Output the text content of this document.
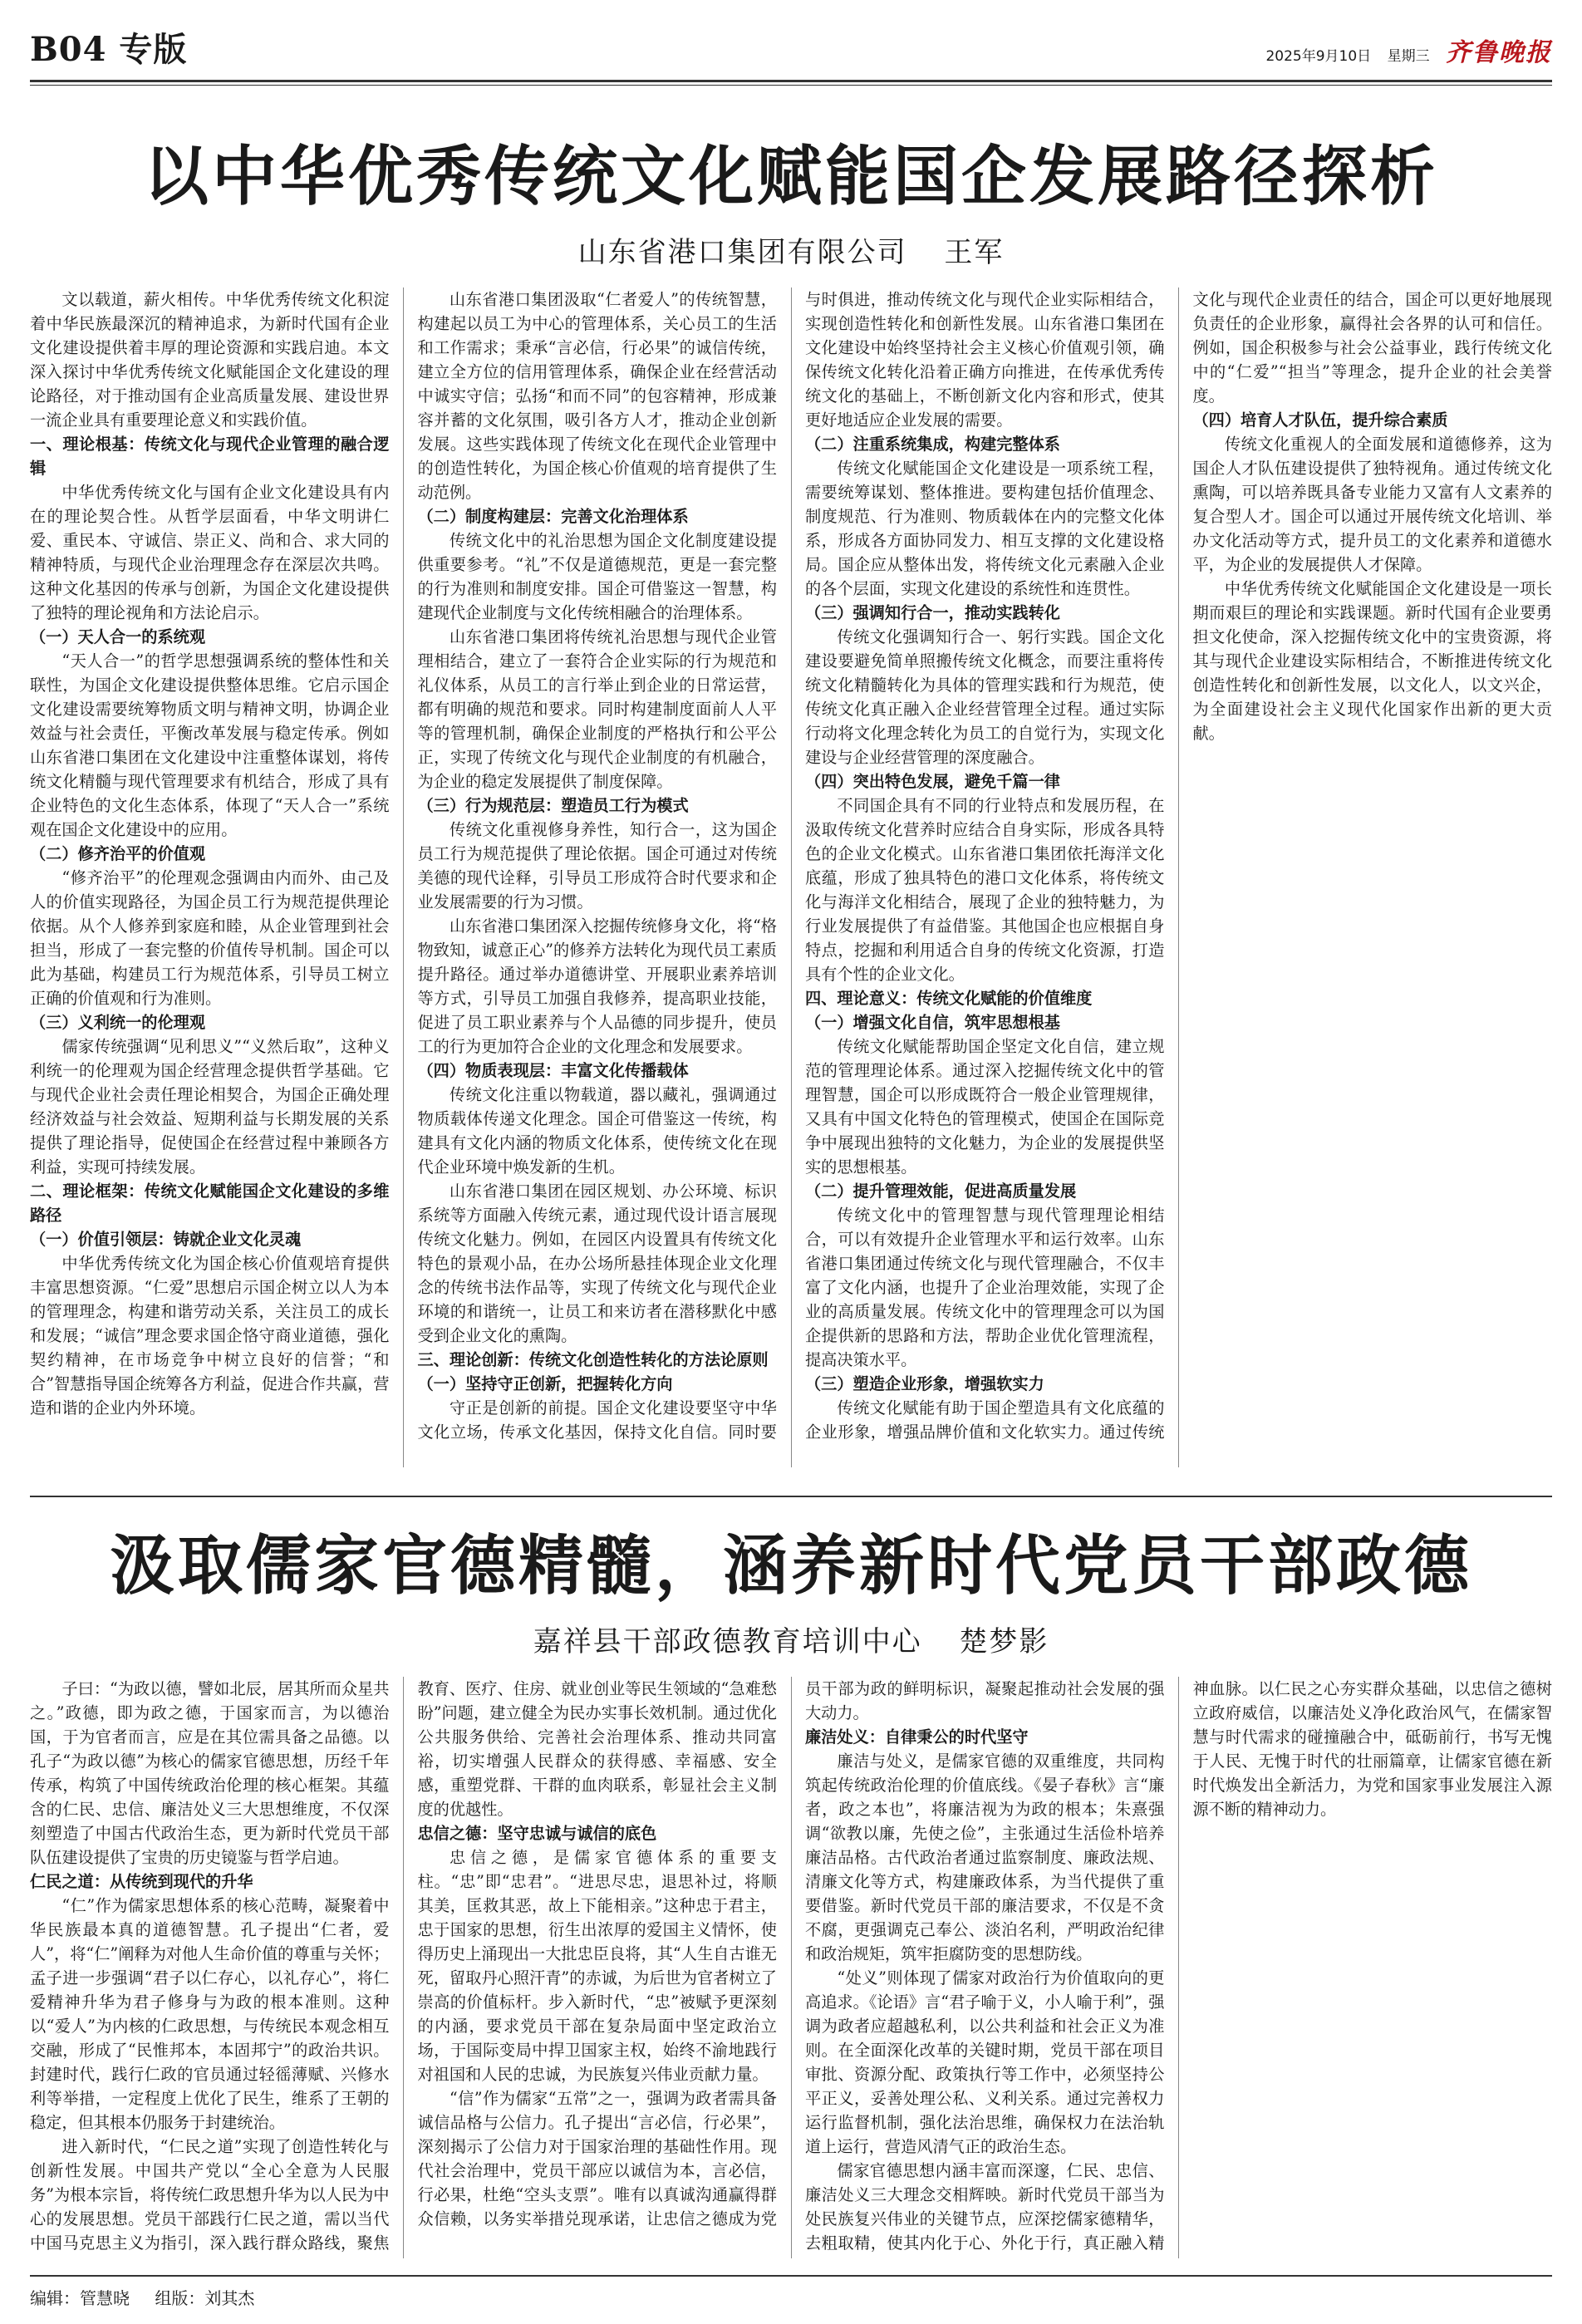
B04 专版	2025年9月10日 星期三 齐鲁晚报
以中华优秀传统文化赋能国企发展路径探析
山东省港口集团有限公司 王军

文以载道，薪火相传。中华优秀传统文化积淀着中华民族最深沉的精神追求，为新时代国有企业文化建设提供着丰厚的理论资源和实践启迪。本文深入探讨中华优秀传统文化赋能国企文化建设的理论路径，对于推动国有企业高质量发展、建设世界一流企业具有重要理论意义和实践价值。

一、理论根基：传统文化与现代企业管理的融合逻辑

中华优秀传统文化与国有企业文化建设具有内在的理论契合性。从哲学层面看，中华文明讲仁爱、重民本、守诚信、崇正义、尚和合、求大同的精神特质，与现代企业治理理念存在深层次共鸣。这种文化基因的传承与创新，为国企文化建设提供了独特的理论视角和方法论启示。

（一）天人合一的系统观

“天人合一”的哲学思想强调系统的整体性和关联性，为国企文化建设提供整体思维。它启示国企文化建设需要统筹物质文明与精神文明，协调企业效益与社会责任，平衡改革发展与稳定传承。例如山东省港口集团在文化建设中注重整体谋划，将传统文化精髓与现代管理要求有机结合，形成了具有企业特色的文化生态体系，体现了“天人合一”系统观在国企文化建设中的应用。

（二）修齐治平的价值观

“修齐治平”的伦理观念强调由内而外、由己及人的价值实现路径，为国企员工行为规范提供理论依据。从个人修养到家庭和睦，从企业管理到社会担当，形成了一套完整的价值传导机制。国企可以此为基础，构建员工行为规范体系，引导员工树立正确的价值观和行为准则。

（三）义利统一的伦理观

儒家传统强调“见利思义”“义然后取”，这种义利统一的伦理观为国企经营理念提供哲学基础。它与现代企业社会责任理论相契合，为国企正确处理经济效益与社会效益、短期利益与长期发展的关系提供了理论指导，促使国企在经营过程中兼顾各方利益，实现可持续发展。

二、理论框架：传统文化赋能国企文化建设的多维路径
（一）价值引领层：铸就企业文化灵魂

中华优秀传统文化为国企核心价值观培育提供丰富思想资源。“仁爱”思想启示国企树立以人为本的管理理念，构建和谐劳动关系，关注员工的成长和发展；“诚信”理念要求国企恪守商业道德，强化契约精神，在市场竞争中树立良好的信誉；“和合”智慧指导国企统筹各方利益，促进合作共赢，营造和谐的企业内外环境。

山东省港口集团汲取“仁者爱人”的传统智慧，构建起以员工为中心的管理体系，关心员工的生活和工作需求；秉承“言必信，行必果”的诚信传统，建立全方位的信用管理体系，确保企业在经营活动中诚实守信；弘扬“和而不同”的包容精神，形成兼容并蓄的文化氛围，吸引各方人才，推动企业创新发展。这些实践体现了传统文化在现代企业管理中的创造性转化，为国企核心价值观的培育提供了生动范例。

（二）制度构建层：完善文化治理体系

传统文化中的礼治思想为国企文化制度建设提供重要参考。“礼”不仅是道德规范，更是一套完整的行为准则和制度安排。国企可借鉴这一智慧，构建现代企业制度与文化传统相融合的治理体系。

山东省港口集团将传统礼治思想与现代企业管理相结合，建立了一套符合企业实际的行为规范和礼仪体系，从员工的言行举止到企业的日常运营，都有明确的规范和要求。同时构建制度面前人人平等的管理机制，确保企业制度的严格执行和公平公正，实现了传统文化与现代企业制度的有机融合，为企业的稳定发展提供了制度保障。

（三）行为规范层：塑造员工行为模式

传统文化重视修身养性，知行合一，这为国企员工行为规范提供了理论依据。国企可通过对传统美德的现代诠释，引导员工形成符合时代要求和企业发展需要的行为习惯。

山东省港口集团深入挖掘传统修身文化，将“格物致知，诚意正心”的修养方法转化为现代员工素质提升路径。通过举办道德讲堂、开展职业素养培训等方式，引导员工加强自我修养，提高职业技能，促进了员工职业素养与个人品德的同步提升，使员工的行为更加符合企业的文化理念和发展要求。

（四）物质表现层：丰富文化传播载体

传统文化注重以物载道，器以藏礼，强调通过物质载体传递文化理念。国企可借鉴这一传统，构建具有文化内涵的物质文化体系，使传统文化在现代企业环境中焕发新的生机。

山东省港口集团在园区规划、办公环境、标识系统等方面融入传统元素，通过现代设计语言展现传统文化魅力。例如，在园区内设置具有传统文化特色的景观小品，在办公场所悬挂体现企业文化理念的传统书法作品等，实现了传统文化与现代企业环境的和谐统一，让员工和来访者在潜移默化中感受到企业文化的熏陶。

三、理论创新：传统文化创造性转化的方法论原则
（一）坚持守正创新，把握转化方向

守正是创新的前提。国企文化建设要坚守中华文化立场，传承文化基因，保持文化自信。同时要与时俱进，推动传统文化与现代企业实际相结合，实现创造性转化和创新性发展。山东省港口集团在文化建设中始终坚持社会主义核心价值观引领，确保传统文化转化沿着正确方向推进，在传承优秀传统文化的基础上，不断创新文化内容和形式，使其更好地适应企业发展的需要。

（二）注重系统集成，构建完整体系

传统文化赋能国企文化建设是一项系统工程，需要统筹谋划、整体推进。要构建包括价值理念、制度规范、行为准则、物质载体在内的完整文化体系，形成各方面协同发力、相互支撑的文化建设格局。国企应从整体出发，将传统文化元素融入企业的各个层面，实现文化建设的系统性和连贯性。

（三）强调知行合一，推动实践转化

传统文化强调知行合一、躬行实践。国企文化建设要避免简单照搬传统文化概念，而要注重将传统文化精髓转化为具体的管理实践和行为规范，使传统文化真正融入企业经营管理全过程。通过实际行动将文化理念转化为员工的自觉行为，实现文化建设与企业经营管理的深度融合。

（四）突出特色发展，避免千篇一律

不同国企具有不同的行业特点和发展历程，在汲取传统文化营养时应结合自身实际，形成各具特色的企业文化模式。山东省港口集团依托海洋文化底蕴，形成了独具特色的港口文化体系，将传统文化与海洋文化相结合，展现了企业的独特魅力，为行业发展提供了有益借鉴。其他国企也应根据自身特点，挖掘和利用适合自身的传统文化资源，打造具有个性的企业文化。

四、理论意义：传统文化赋能的价值维度
（一）增强文化自信，筑牢思想根基

传统文化赋能帮助国企坚定文化自信，建立规范的管理理论体系。通过深入挖掘传统文化中的管理智慧，国企可以形成既符合一般企业管理规律，又具有中国文化特色的管理模式，使国企在国际竞争中展现出独特的文化魅力，为企业的发展提供坚实的思想根基。

（二）提升管理效能，促进高质量发展

传统文化中的管理智慧与现代管理理论相结合，可以有效提升企业管理水平和运行效率。山东省港口集团通过传统文化与现代管理融合，不仅丰富了文化内涵，也提升了企业治理效能，实现了企业的高质量发展。传统文化中的管理理念可以为国企提供新的思路和方法，帮助企业优化管理流程，提高决策水平。

（三）塑造企业形象，增强软实力

传统文化赋能有助于国企塑造具有文化底蕴的企业形象，增强品牌价值和文化软实力。通过传统文化与现代企业责任的结合，国企可以更好地展现负责任的企业形象，赢得社会各界的认可和信任。例如，国企积极参与社会公益事业，践行传统文化中的“仁爱”“担当”等理念，提升企业的社会美誉度。

（四）培育人才队伍，提升综合素质

传统文化重视人的全面发展和道德修养，这为国企人才队伍建设提供了独特视角。通过传统文化熏陶，可以培养既具备专业能力又富有人文素养的复合型人才。国企可以通过开展传统文化培训、举办文化活动等方式，提升员工的文化素养和道德水平，为企业的发展提供人才保障。

中华优秀传统文化赋能国企文化建设是一项长期而艰巨的理论和实践课题。新时代国有企业要勇担文化使命，深入挖掘传统文化中的宝贵资源，将其与现代企业建设实际相结合，不断推进传统文化创造性转化和创新性发展，以文化人，以文兴企，为全面建设社会主义现代化国家作出新的更大贡献。

汲取儒家官德精髓，涵养新时代党员干部政德
嘉祥县干部政德教育培训中心 楚梦影

子曰：“为政以德，譬如北辰，居其所而众星共之。”政德，即为政之德，于国家而言，为以德治国，于为官者而言，应是在其位需具备之品德。以孔子“为政以德”为核心的儒家官德思想，历经千年传承，构筑了中国传统政治伦理的核心框架。其蕴含的仁民、忠信、廉洁处义三大思想维度，不仅深刻塑造了中国古代政治生态，更为新时代党员干部队伍建设提供了宝贵的历史镜鉴与哲学启迪。

仁民之道：从传统到现代的升华

“仁”作为儒家思想体系的核心范畴，凝聚着中华民族最本真的道德智慧。孔子提出“仁者，爱人”，将“仁”阐释为对他人生命价值的尊重与关怀；孟子进一步强调“君子以仁存心，以礼存心”，将仁爱精神升华为君子修身与为政的根本准则。这种以“爱人”为内核的仁政思想，与传统民本观念相互交融，形成了“民惟邦本，本固邦宁”的政治共识。封建时代，践行仁政的官员通过轻徭薄赋、兴修水利等举措，一定程度上优化了民生，维系了王朝的稳定，但其根本仍服务于封建统治。

进入新时代，“仁民之道”实现了创造性转化与创新性发展。中国共产党以“全心全意为人民服务”为根本宗旨，将传统仁政思想升华为以人民为中心的发展思想。党员干部践行仁民之道，需以当代中国马克思主义为指引，深入践行群众路线，聚焦教育、医疗、住房、就业创业等民生领域的“急难愁盼”问题，建立健全为民办实事长效机制。通过优化公共服务供给、完善社会治理体系、推动共同富裕，切实增强人民群众的获得感、幸福感、安全感，重塑党群、干群的血肉联系，彰显社会主义制度的优越性。

忠信之德：坚守忠诚与诚信的底色

忠信之德，是儒家官德体系的重要支柱。“忠”即“忠君”。“进思尽忠，退思补过，将顺其美，匡救其恶，故上下能相亲。”这种忠于君主，忠于国家的思想，衍生出浓厚的爱国主义情怀，使得历史上涌现出一大批忠臣良将，其“人生自古谁无死，留取丹心照汗青”的赤诚，为后世为官者树立了崇高的价值标杆。步入新时代，“忠”被赋予更深刻的内涵，要求党员干部在复杂局面中坚定政治立场，于国际变局中捍卫国家主权，始终不渝地践行对祖国和人民的忠诚，为民族复兴伟业贡献力量。

“信”作为儒家“五常”之一，强调为政者需具备诚信品格与公信力。孔子提出“言必信，行必果”，深刻揭示了公信力对于国家治理的基础性作用。现代社会治理中，党员干部应以诚信为本，言必信，行必果，杜绝“空头支票”。唯有以真诚沟通赢得群众信赖，以务实举措兑现承诺，让忠信之德成为党员干部为政的鲜明标识，凝聚起推动社会发展的强大动力。

廉洁处义：自律秉公的时代坚守

廉洁与处义，是儒家官德的双重维度，共同构筑起传统政治伦理的价值底线。《晏子春秋》言“廉者，政之本也”，将廉洁视为为政的根本；朱熹强调“欲教以廉，先使之俭”，主张通过生活俭朴培养廉洁品格。古代政治者通过监察制度、廉政法规、清廉文化等方式，构建廉政体系，为当代提供了重要借鉴。新时代党员干部的廉洁要求，不仅是不贪不腐，更强调克己奉公、淡泊名利，严明政治纪律和政治规矩，筑牢拒腐防变的思想防线。

“处义”则体现了儒家对政治行为价值取向的更高追求。《论语》言“君子喻于义，小人喻于利”，强调为政者应超越私利，以公共利益和社会正义为准则。在全面深化改革的关键时期，党员干部在项目审批、资源分配、政策执行等工作中，必须坚持公平正义，妥善处理公私、义利关系。通过完善权力运行监督机制，强化法治思维，确保权力在法治轨道上运行，营造风清气正的政治生态。

儒家官德思想内涵丰富而深邃，仁民、忠信、廉洁处义三大理念交相辉映。新时代党员干部当为处民族复兴伟业的关键节点，应深挖儒家德精华，去粗取精，使其内化于心、外化于行，真正融入精神血脉。以仁民之心夯实群众基础，以忠信之德树立政府威信，以廉洁处义净化政治风气，在儒家智慧与时代需求的碰撞融合中，砥砺前行，书写无愧于人民、无愧于时代的壮丽篇章，让儒家官德在新时代焕发出全新活力，为党和国家事业发展注入源源不断的精神动力。

编辑：管慧晓 组版：刘其杰
